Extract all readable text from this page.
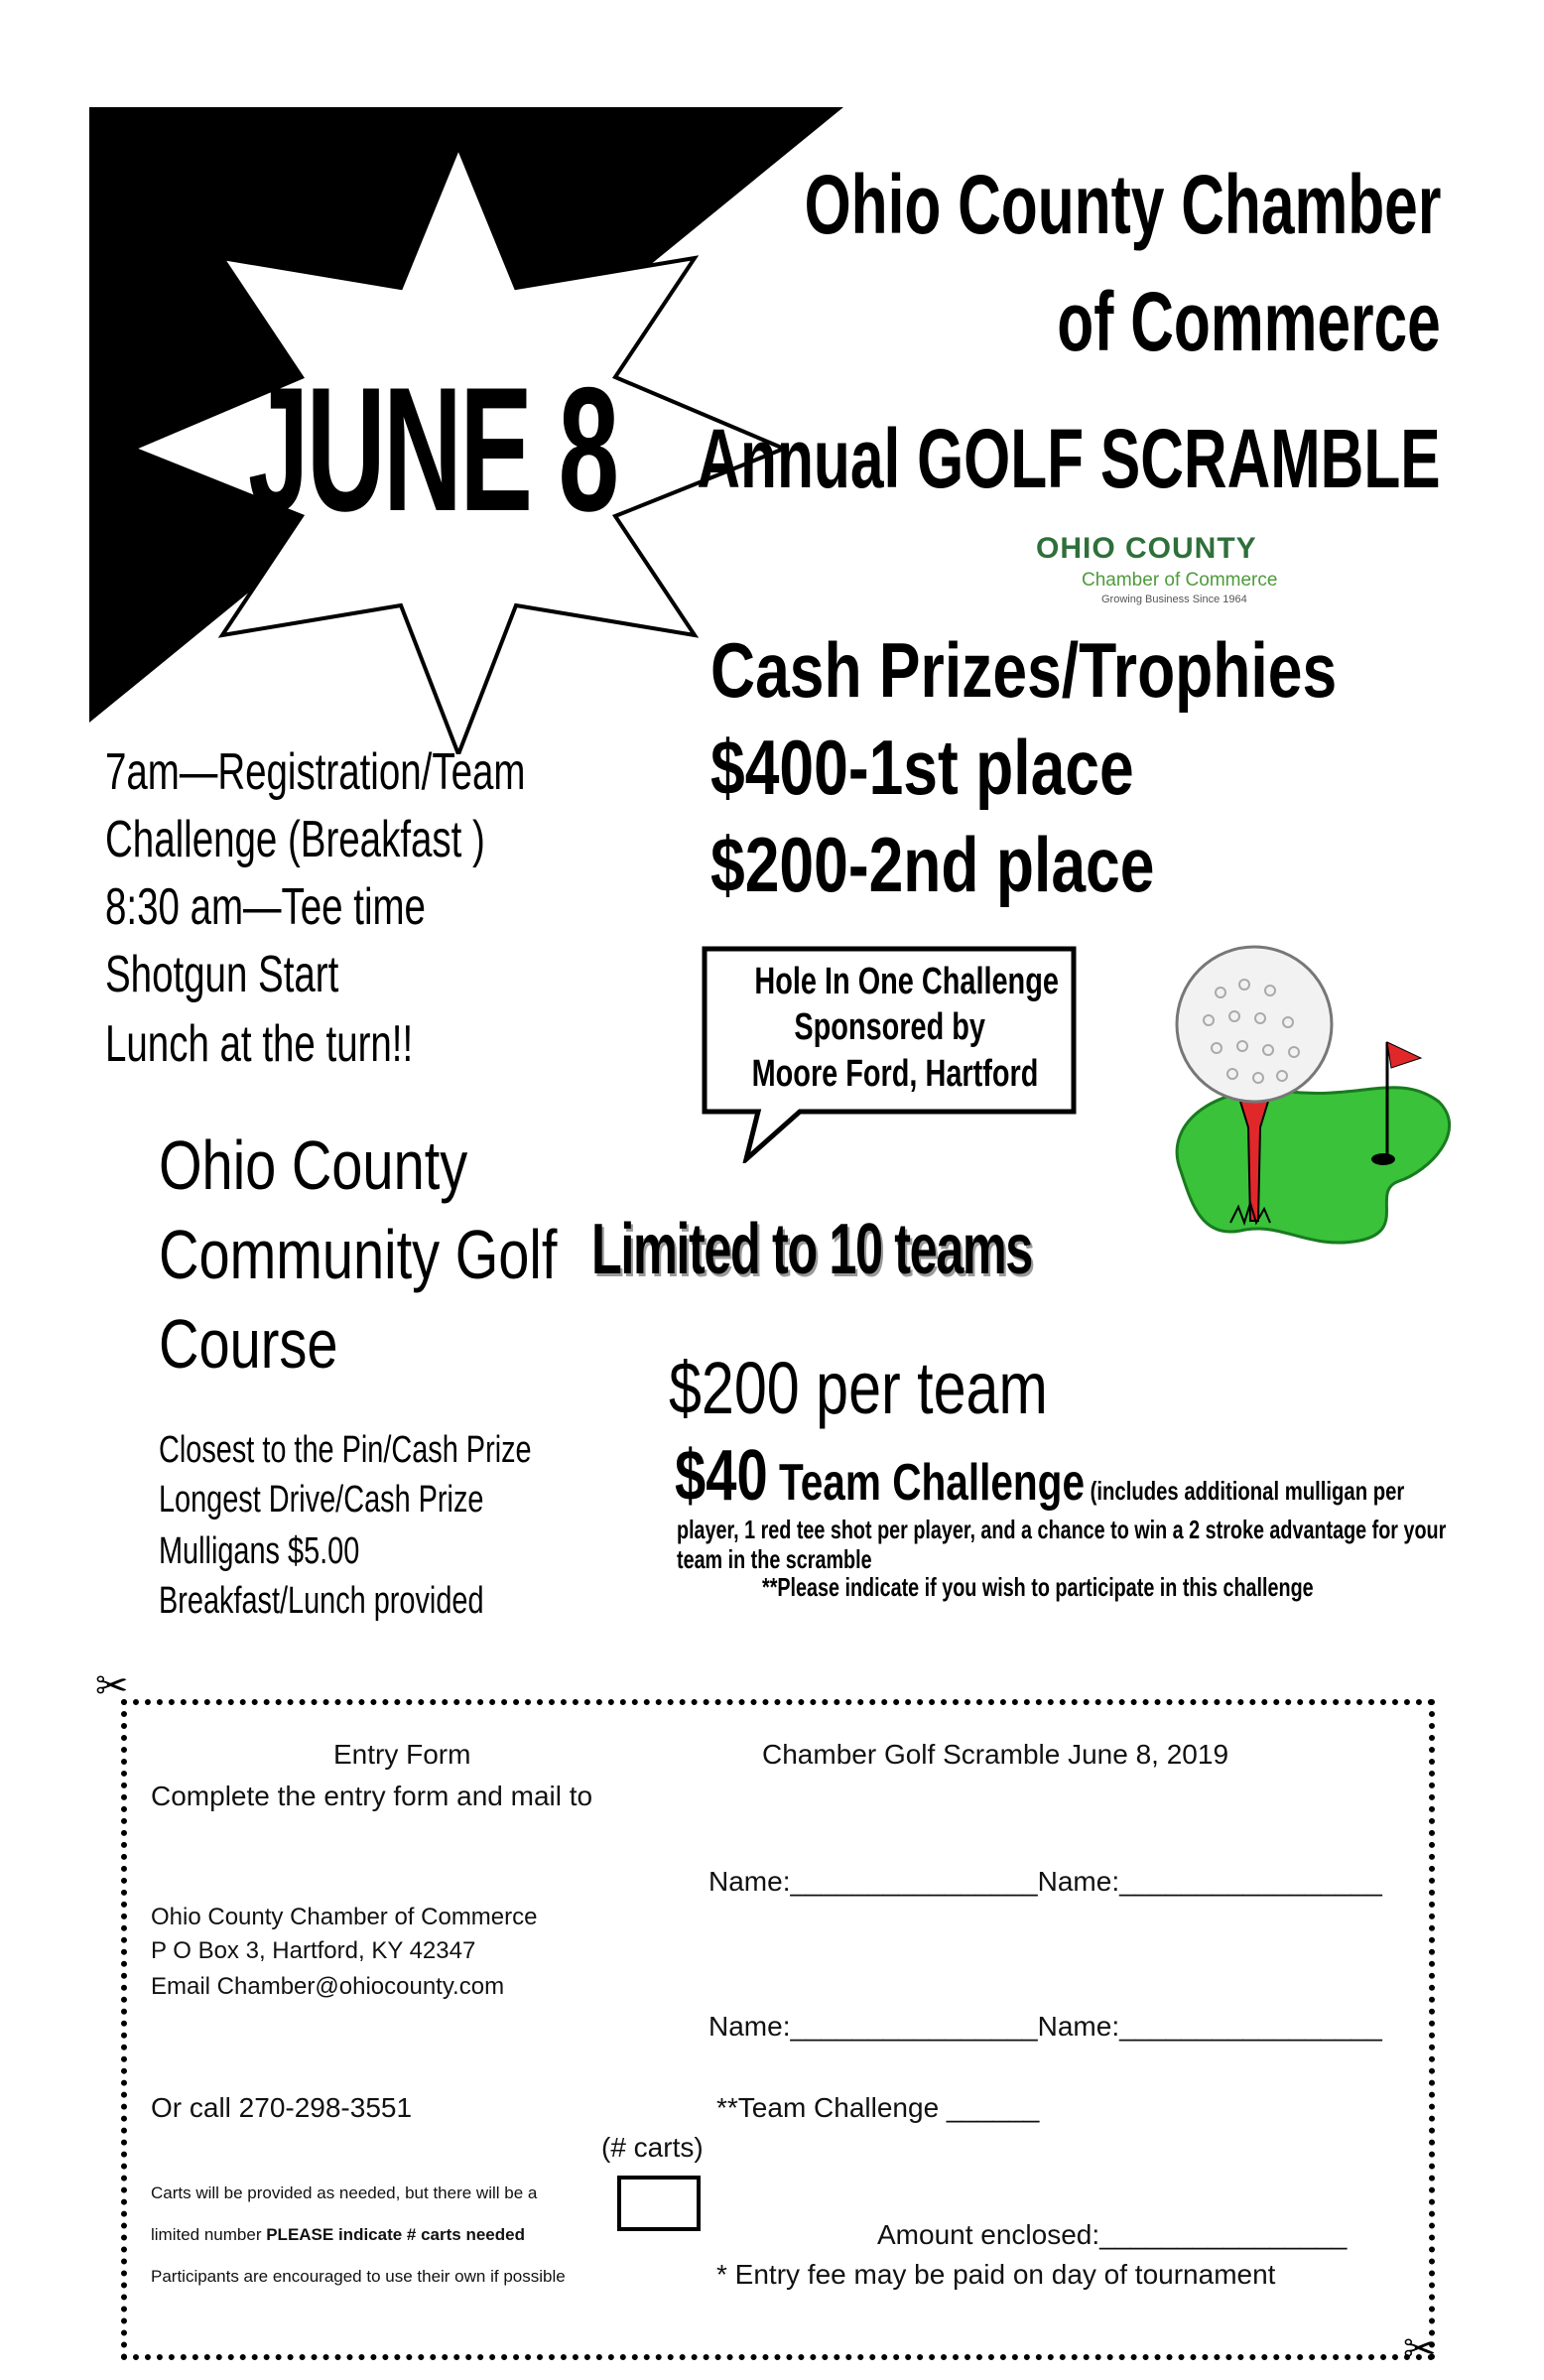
JUNE 8
Ohio County Chamber
of Commerce
Annual GOLF SCRAMBLE
OHIO COUNTY
Chamber of Commerce
Growing Business Since 1964
Cash Prizes/Trophies
$400-1st place
$200-2nd place
7am—Registration/Team
Challenge (Breakfast )
8:30 am—Tee time
Shotgun Start
Lunch at the turn!!
Hole In One Challenge
Sponsored by
Moore Ford, Hartford
Ohio County
Community Golf
Course
Limited to 10 teams
$200 per team
Closest to the Pin/Cash Prize
Longest Drive/Cash Prize
Mulligans $5.00
Breakfast/Lunch provided
$40 Team Challenge (includes additional mulligan per
player, 1 red tee shot per player, and a chance to win a 2 stroke advantage for your
team in the scramble
**Please indicate if you wish to participate in this challenge
✂
✂
Entry Form
Complete the entry form and mail to
Chamber Golf Scramble June 8, 2019
Name:________________Name:_________________
Name:________________Name:_________________
Ohio County Chamber of Commerce
P O Box 3, Hartford, KY 42347
Email Chamber@ohiocounty.com
Or call 270-298-3551	**Team Challenge ______
(# carts)
Carts will be provided as needed, but there will be a
limited number PLEASE indicate # carts needed
Participants are encouraged to use their own if possible
Amount enclosed:________________
* Entry fee may be paid on day of tournament
